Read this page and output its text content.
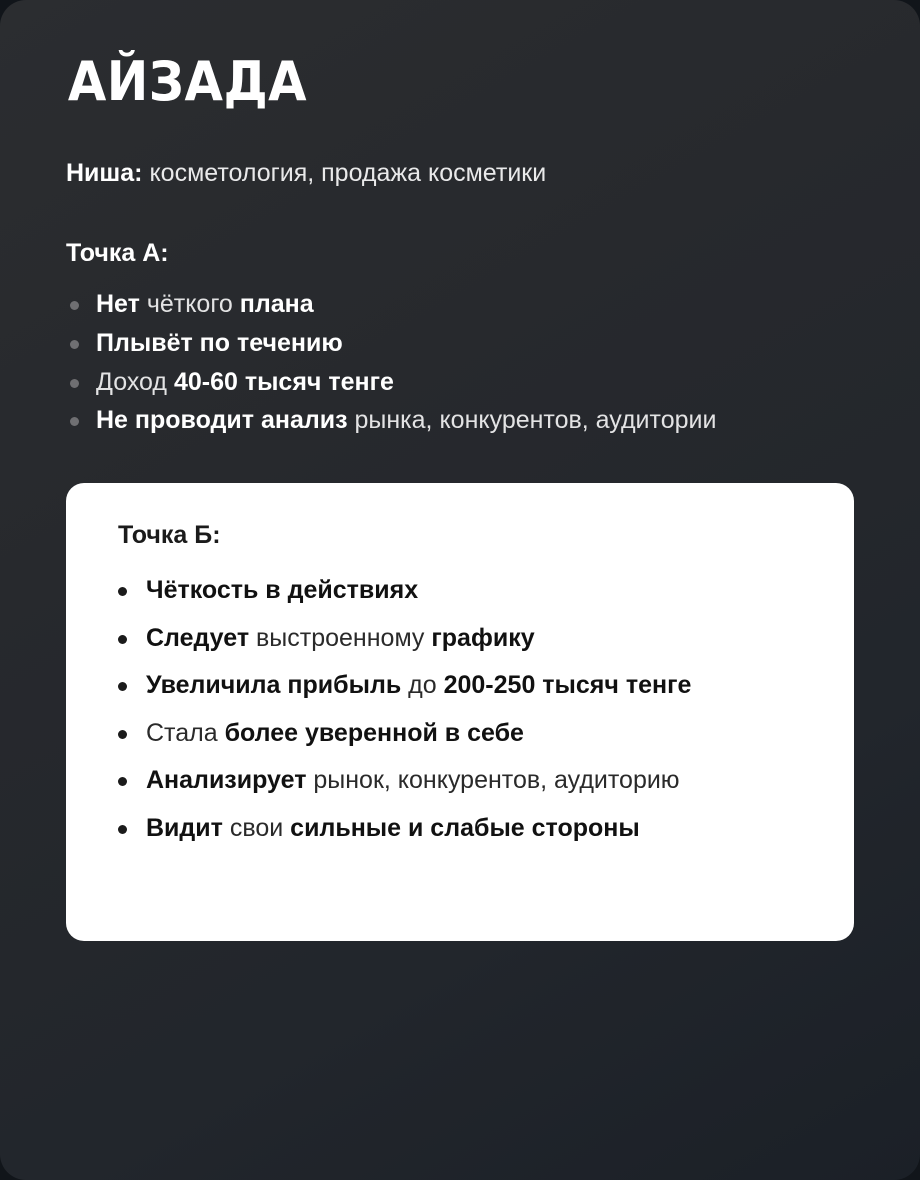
АЙЗАДА
Ниша: косметология, продажа косметики
Точка А:
Нет чёткого плана
Плывёт по течению
Доход 40-60 тысяч тенге
Не проводит анализ рынка, конкурентов, аудитории
Точка Б:
Чёткость в действиях
Следует выстроенному графику
Увеличила прибыль до 200-250 тысяч тенге
Стала более уверенной в себе
Анализирует рынок, конкурентов, аудиторию
Видит свои сильные и слабые стороны
